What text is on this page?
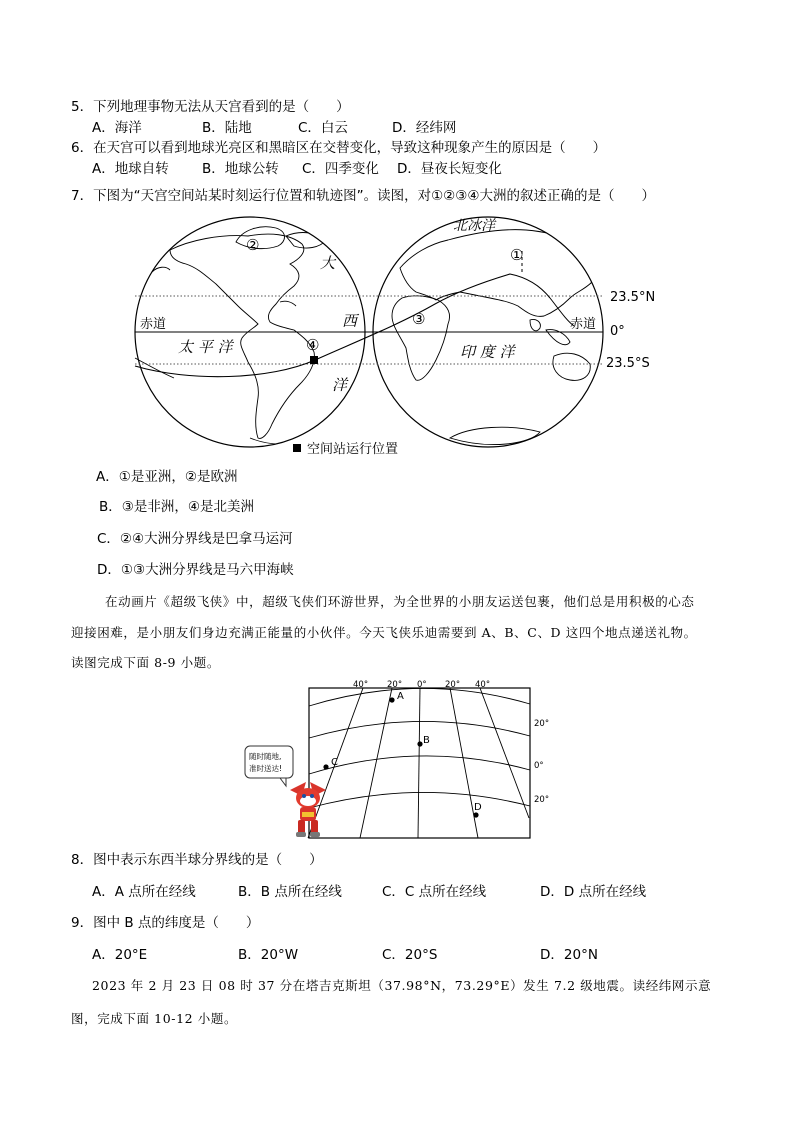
5．下列地理事物无法从天宫看到的是（　　）
A．海洋	B．陆地	C．白云	D．经纬网
6．在天宫可以看到地球光亮区和黑暗区在交替变化，导致这种现象产生的原因是（　　）
A．地球自转 B．地球公转 C．四季变化 D．昼夜长短变化
7．下图为“天宫空间站某时刻运行位置和轨迹图”。读图，对①②③④大洲的叙述正确的是（　　）
北冰洋
①
②
③
④
大
西
洋
太 平 洋	印 度 洋
赤道	赤道
23.5°N
0°
23.5°S
空间站运行位置
A．①是亚洲，②是欧洲
B．③是非洲，④是北美洲
C．②④大洲分界线是巴拿马运河
D．①③大洲分界线是马六甲海峡
在动画片《超级飞侠》中，超级飞侠们环游世界，为全世界的小朋友运送包裹，他们总是用积极的心态
迎接困难，是小朋友们身边充满正能量的小伙伴。今天飞侠乐迪需要到 A、B、C、D 这四个地点递送礼物。
读图完成下面 8-9 小题。
40° 20° 0° 20° 40°
20°
0°
20°
A
B
C
D
随时随地,
准时送达!
8．图中表示东西半球分界线的是（　　）
A．A 点所在经线	B．B 点所在经线	C．C 点所在经线	D．D 点所在经线
9．图中 B 点的纬度是（　　）
A．20°E	B．20°W	C．20°S	D．20°N
2023 年 2 月 23 日 08 时 37 分在塔吉克斯坦（37.98°N，73.29°E）发生 7.2 级地震。读经纬网示意
图，完成下面 10-12 小题。
